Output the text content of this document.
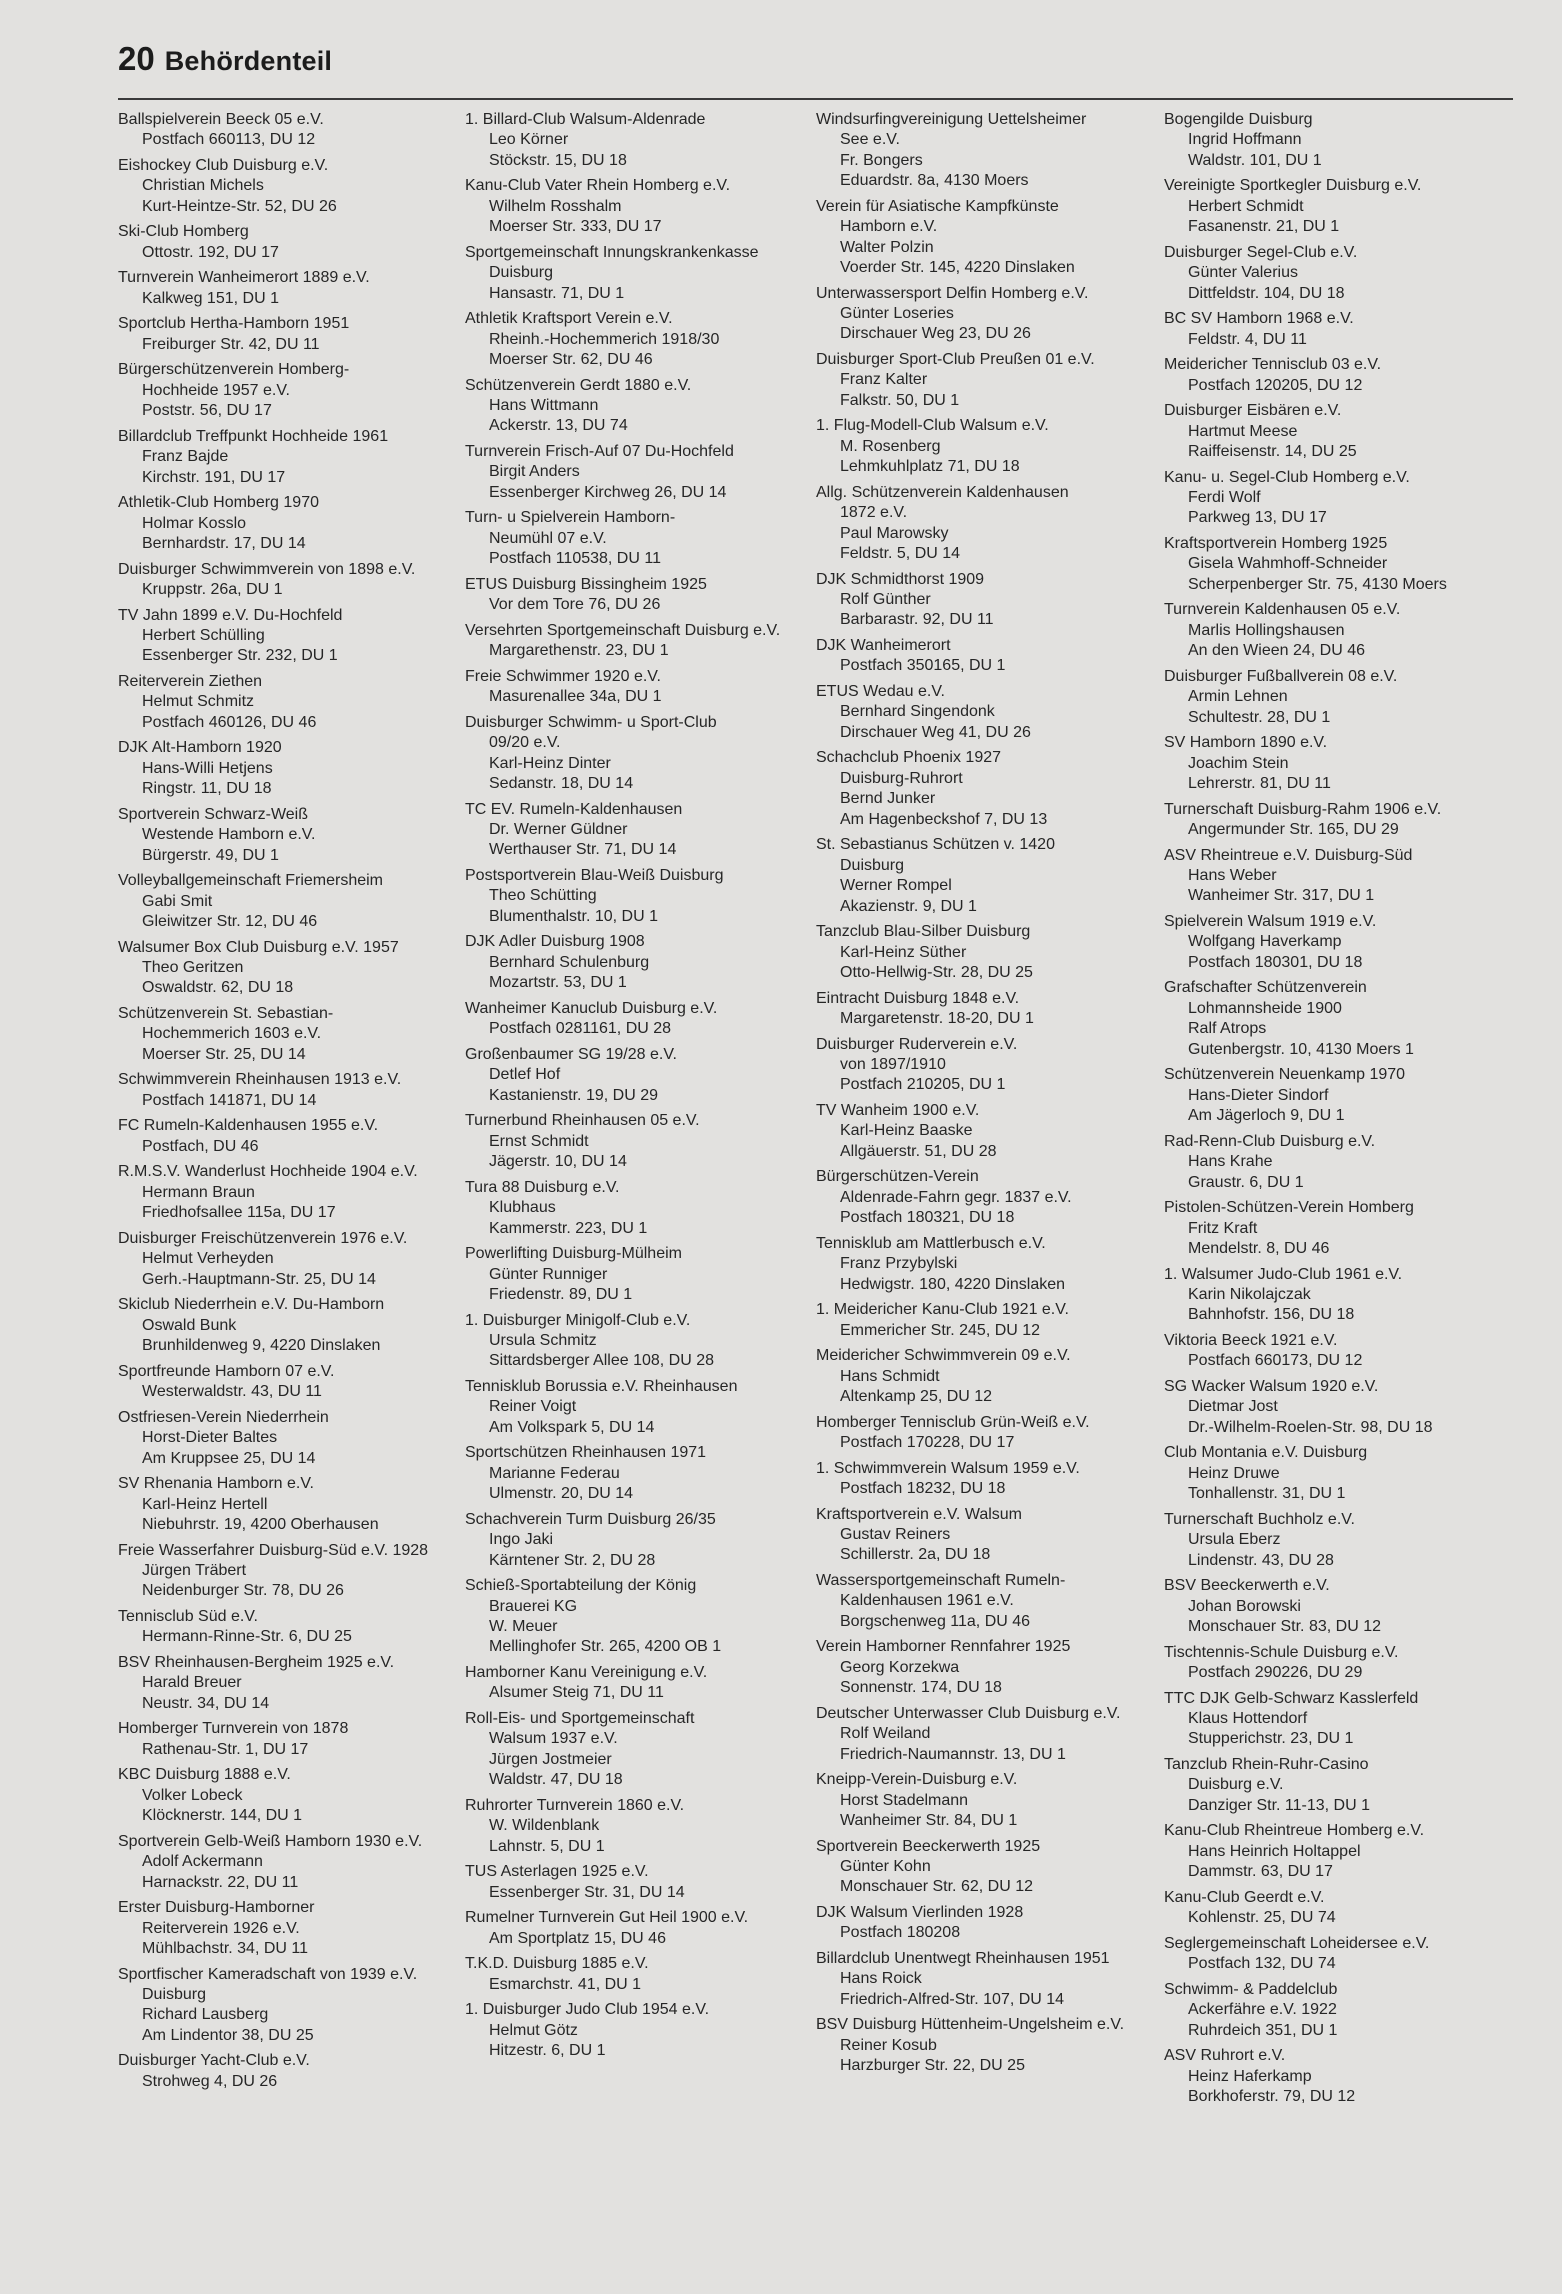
20 Behördenteil
Ballspielverein Beeck 05 e.V.
Postfach 660113, DU 12
Eishockey Club Duisburg e.V.
Christian Michels
Kurt-Heintze-Str. 52, DU 26
Ski-Club Homberg
Ottostr. 192, DU 17
Turnverein Wanheimerort 1889 e.V.
Kalkweg 151, DU 1
Sportclub Hertha-Hamborn 1951
Freiburger Str. 42, DU 11
Bürgerschützenverein Homberg-
Hochheide 1957 e.V.
Poststr. 56, DU 17
Billardclub Treffpunkt Hochheide 1961
Franz Bajde
Kirchstr. 191, DU 17
Athletik-Club Homberg 1970
Holmar Kosslo
Bernhardstr. 17, DU 14
Duisburger Schwimmverein von 1898 e.V.
Kruppstr. 26a, DU 1
TV Jahn 1899 e.V. Du-Hochfeld
Herbert Schülling
Essenberger Str. 232, DU 1
Reiterverein Ziethen
Helmut Schmitz
Postfach 460126, DU 46
DJK Alt-Hamborn 1920
Hans-Willi Hetjens
Ringstr. 11, DU 18
Sportverein Schwarz-Weiß
Westende Hamborn e.V.
Bürgerstr. 49, DU 1
Volleyballgemeinschaft Friemersheim
Gabi Smit
Gleiwitzer Str. 12, DU 46
Walsumer Box Club Duisburg e.V. 1957
Theo Geritzen
Oswaldstr. 62, DU 18
Schützenverein St. Sebastian-
Hochemmerich 1603 e.V.
Moerser Str. 25, DU 14
Schwimmverein Rheinhausen 1913 e.V.
Postfach 141871, DU 14
FC Rumeln-Kaldenhausen 1955 e.V.
Postfach, DU 46
R.M.S.V. Wanderlust Hochheide 1904 e.V.
Hermann Braun
Friedhofsallee 115a, DU 17
Duisburger Freischützenverein 1976 e.V.
Helmut Verheyden
Gerh.-Hauptmann-Str. 25, DU 14
Skiclub Niederrhein e.V. Du-Hamborn
Oswald Bunk
Brunhildenweg 9, 4220 Dinslaken
Sportfreunde Hamborn 07 e.V.
Westerwaldstr. 43, DU 11
Ostfriesen-Verein Niederrhein
Horst-Dieter Baltes
Am Kruppsee 25, DU 14
SV Rhenania Hamborn e.V.
Karl-Heinz Hertell
Niebuhrstr. 19, 4200 Oberhausen
Freie Wasserfahrer Duisburg-Süd e.V. 1928
Jürgen Träbert
Neidenburger Str. 78, DU 26
Tennisclub Süd e.V.
Hermann-Rinne-Str. 6, DU 25
BSV Rheinhausen-Bergheim 1925 e.V.
Harald Breuer
Neustr. 34, DU 14
Homberger Turnverein von 1878
Rathenau-Str. 1, DU 17
KBC Duisburg 1888 e.V.
Volker Lobeck
Klöcknerstr. 144, DU 1
Sportverein Gelb-Weiß Hamborn 1930 e.V.
Adolf Ackermann
Harnackstr. 22, DU 11
Erster Duisburg-Hamborner
Reiterverein 1926 e.V.
Mühlbachstr. 34, DU 11
Sportfischer Kameradschaft von 1939 e.V.
Duisburg
Richard Lausberg
Am Lindentor 38, DU 25
Duisburger Yacht-Club e.V.
Strohweg 4, DU 26
1. Billard-Club Walsum-Aldenrade
Leo Körner
Stöckstr. 15, DU 18
Kanu-Club Vater Rhein Homberg e.V.
Wilhelm Rosshalm
Moerser Str. 333, DU 17
Sportgemeinschaft Innungskrankenkasse
Duisburg
Hansastr. 71, DU 1
Athletik Kraftsport Verein e.V.
Rheinh.-Hochemmerich 1918/30
Moerser Str. 62, DU 46
Schützenverein Gerdt 1880 e.V.
Hans Wittmann
Ackerstr. 13, DU 74
Turnverein Frisch-Auf 07 Du-Hochfeld
Birgit Anders
Essenberger Kirchweg 26, DU 14
Turn- u Spielverein Hamborn-
Neumühl 07 e.V.
Postfach 110538, DU 11
ETUS Duisburg Bissingheim 1925
Vor dem Tore 76, DU 26
Versehrten Sportgemeinschaft Duisburg e.V.
Margarethenstr. 23, DU 1
Freie Schwimmer 1920 e.V.
Masurenallee 34a, DU 1
Duisburger Schwimm- u Sport-Club
09/20 e.V.
Karl-Heinz Dinter
Sedanstr. 18, DU 14
TC EV. Rumeln-Kaldenhausen
Dr. Werner Güldner
Werthauser Str. 71, DU 14
Postsportverein Blau-Weiß Duisburg
Theo Schütting
Blumenthalstr. 10, DU 1
DJK Adler Duisburg 1908
Bernhard Schulenburg
Mozartstr. 53, DU 1
Wanheimer Kanuclub Duisburg e.V.
Postfach 0281161, DU 28
Großenbaumer SG 19/28 e.V.
Detlef Hof
Kastanienstr. 19, DU 29
Turnerbund Rheinhausen 05 e.V.
Ernst Schmidt
Jägerstr. 10, DU 14
Tura 88 Duisburg e.V.
Klubhaus
Kammerstr. 223, DU 1
Powerlifting Duisburg-Mülheim
Günter Runniger
Friedenstr. 89, DU 1
1. Duisburger Minigolf-Club e.V.
Ursula Schmitz
Sittardsberger Allee 108, DU 28
Tennisklub Borussia e.V. Rheinhausen
Reiner Voigt
Am Volkspark 5, DU 14
Sportschützen Rheinhausen 1971
Marianne Federau
Ulmenstr. 20, DU 14
Schachverein Turm Duisburg 26/35
Ingo Jaki
Kärntener Str. 2, DU 28
Schieß-Sportabteilung der König
Brauerei KG
W. Meuer
Mellinghofer Str. 265, 4200 OB 1
Hamborner Kanu Vereinigung e.V.
Alsumer Steig 71, DU 11
Roll-Eis- und Sportgemeinschaft
Walsum 1937 e.V.
Jürgen Jostmeier
Waldstr. 47, DU 18
Ruhrorter Turnverein 1860 e.V.
W. Wildenblank
Lahnstr. 5, DU 1
TUS Asterlagen 1925 e.V.
Essenberger Str. 31, DU 14
Rumelner Turnverein Gut Heil 1900 e.V.
Am Sportplatz 15, DU 46
T.K.D. Duisburg 1885 e.V.
Esmarchstr. 41, DU 1
1. Duisburger Judo Club 1954 e.V.
Helmut Götz
Hitzestr. 6, DU 1
Windsurfingvereinigung Uettelsheimer
See e.V.
Fr. Bongers
Eduardstr. 8a, 4130 Moers
Verein für Asiatische Kampfkünste
Hamborn e.V.
Walter Polzin
Voerder Str. 145, 4220 Dinslaken
Unterwassersport Delfin Homberg e.V.
Günter Loseries
Dirschauer Weg 23, DU 26
Duisburger Sport-Club Preußen 01 e.V.
Franz Kalter
Falkstr. 50, DU 1
1. Flug-Modell-Club Walsum e.V.
M. Rosenberg
Lehmkuhlplatz 71, DU 18
Allg. Schützenverein Kaldenhausen
1872 e.V.
Paul Marowsky
Feldstr. 5, DU 14
DJK Schmidthorst 1909
Rolf Günther
Barbarastr. 92, DU 11
DJK Wanheimerort
Postfach 350165, DU 1
ETUS Wedau e.V.
Bernhard Singendonk
Dirschauer Weg 41, DU 26
Schachclub Phoenix 1927
Duisburg-Ruhrort
Bernd Junker
Am Hagenbeckshof 7, DU 13
St. Sebastianus Schützen v. 1420
Duisburg
Werner Rompel
Akazienstr. 9, DU 1
Tanzclub Blau-Silber Duisburg
Karl-Heinz Süther
Otto-Hellwig-Str. 28, DU 25
Eintracht Duisburg 1848 e.V.
Margaretenstr. 18-20, DU 1
Duisburger Ruderverein e.V.
von 1897/1910
Postfach 210205, DU 1
TV Wanheim 1900 e.V.
Karl-Heinz Baaske
Allgäuerstr. 51, DU 28
Bürgerschützen-Verein
Aldenrade-Fahrn gegr. 1837 e.V.
Postfach 180321, DU 18
Tennisklub am Mattlerbusch e.V.
Franz Przybylski
Hedwigstr. 180, 4220 Dinslaken
1. Meidericher Kanu-Club 1921 e.V.
Emmericher Str. 245, DU 12
Meidericher Schwimmverein 09 e.V.
Hans Schmidt
Altenkamp 25, DU 12
Homberger Tennisclub Grün-Weiß e.V.
Postfach 170228, DU 17
1. Schwimmverein Walsum 1959 e.V.
Postfach 18232, DU 18
Kraftsportverein e.V. Walsum
Gustav Reiners
Schillerstr. 2a, DU 18
Wassersportgemeinschaft Rumeln-
Kaldenhausen 1961 e.V.
Borgschenweg 11a, DU 46
Verein Hamborner Rennfahrer 1925
Georg Korzekwa
Sonnenstr. 174, DU 18
Deutscher Unterwasser Club Duisburg e.V.
Rolf Weiland
Friedrich-Naumannstr. 13, DU 1
Kneipp-Verein-Duisburg e.V.
Horst Stadelmann
Wanheimer Str. 84, DU 1
Sportverein Beeckerwerth 1925
Günter Kohn
Monschauer Str. 62, DU 12
DJK Walsum Vierlinden 1928
Postfach 180208
Billardclub Unentwegt Rheinhausen 1951
Hans Roick
Friedrich-Alfred-Str. 107, DU 14
BSV Duisburg Hüttenheim-Ungelsheim e.V.
Reiner Kosub
Harzburger Str. 22, DU 25
Bogengilde Duisburg
Ingrid Hoffmann
Waldstr. 101, DU 1
Vereinigte Sportkegler Duisburg e.V.
Herbert Schmidt
Fasanenstr. 21, DU 1
Duisburger Segel-Club e.V.
Günter Valerius
Dittfeldstr. 104, DU 18
BC SV Hamborn 1968 e.V.
Feldstr. 4, DU 11
Meidericher Tennisclub 03 e.V.
Postfach 120205, DU 12
Duisburger Eisbären e.V.
Hartmut Meese
Raiffeisenstr. 14, DU 25
Kanu- u. Segel-Club Homberg e.V.
Ferdi Wolf
Parkweg 13, DU 17
Kraftsportverein Homberg 1925
Gisela Wahmhoff-Schneider
Scherpenberger Str. 75, 4130 Moers
Turnverein Kaldenhausen 05 e.V.
Marlis Hollingshausen
An den Wieen 24, DU 46
Duisburger Fußballverein 08 e.V.
Armin Lehnen
Schultestr. 28, DU 1
SV Hamborn 1890 e.V.
Joachim Stein
Lehrerstr. 81, DU 11
Turnerschaft Duisburg-Rahm 1906 e.V.
Angermunder Str. 165, DU 29
ASV Rheintreue e.V. Duisburg-Süd
Hans Weber
Wanheimer Str. 317, DU 1
Spielverein Walsum 1919 e.V.
Wolfgang Haverkamp
Postfach 180301, DU 18
Grafschafter Schützenverein
Lohmannsheide 1900
Ralf Atrops
Gutenbergstr. 10, 4130 Moers 1
Schützenverein Neuenkamp 1970
Hans-Dieter Sindorf
Am Jägerloch 9, DU 1
Rad-Renn-Club Duisburg e.V.
Hans Krahe
Graustr. 6, DU 1
Pistolen-Schützen-Verein Homberg
Fritz Kraft
Mendelstr. 8, DU 46
1. Walsumer Judo-Club 1961 e.V.
Karin Nikolajczak
Bahnhofstr. 156, DU 18
Viktoria Beeck 1921 e.V.
Postfach 660173, DU 12
SG Wacker Walsum 1920 e.V.
Dietmar Jost
Dr.-Wilhelm-Roelen-Str. 98, DU 18
Club Montania e.V. Duisburg
Heinz Druwe
Tonhallenstr. 31, DU 1
Turnerschaft Buchholz e.V.
Ursula Eberz
Lindenstr. 43, DU 28
BSV Beeckerwerth e.V.
Johan Borowski
Monschauer Str. 83, DU 12
Tischtennis-Schule Duisburg e.V.
Postfach 290226, DU 29
TTC DJK Gelb-Schwarz Kasslerfeld
Klaus Hottendorf
Stupperichstr. 23, DU 1
Tanzclub Rhein-Ruhr-Casino
Duisburg e.V.
Danziger Str. 11-13, DU 1
Kanu-Club Rheintreue Homberg e.V.
Hans Heinrich Holtappel
Dammstr. 63, DU 17
Kanu-Club Geerdt e.V.
Kohlenstr. 25, DU 74
Seglergemeinschaft Loheidersee e.V.
Postfach 132, DU 74
Schwimm- & Paddelclub
Ackerfähre e.V. 1922
Ruhrdeich 351, DU 1
ASV Ruhrort e.V.
Heinz Haferkamp
Borkhoferstr. 79, DU 12
